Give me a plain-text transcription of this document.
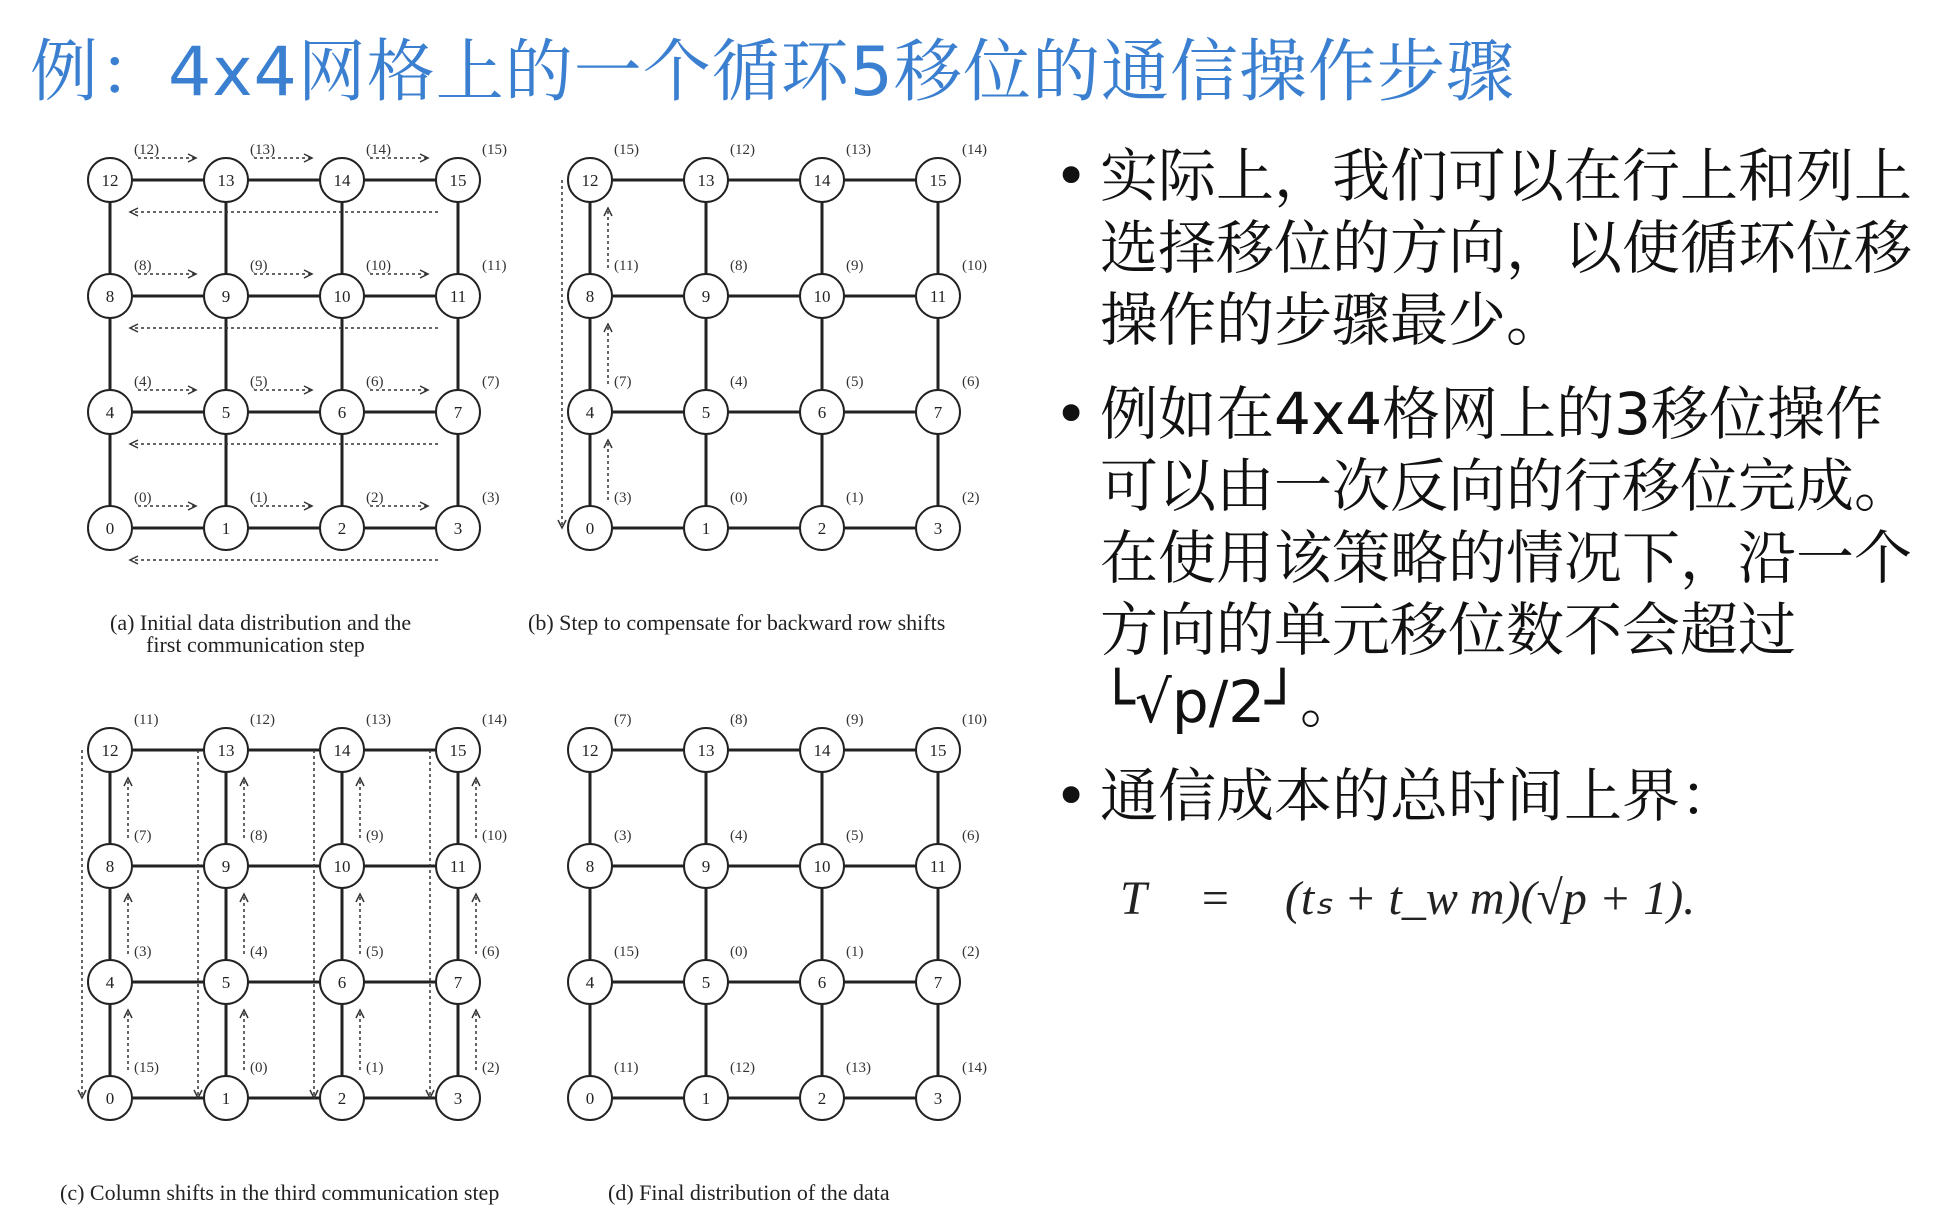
例：4x4网格上的一个循环5移位的通信操作步骤
0
(0)
1
(1)
2
(2)
3
(3)
4
(4)
5
(5)
6
(6)
7
(7)
8
(8)
9
(9)
10
(10)
11
(11)
12
(12)
13
(13)
14
(14)
15
(15)
(a) Initial data distribution and the
first communication step
0
(3)
1
(0)
2
(1)
3
(2)
4
(7)
5
(4)
6
(5)
7
(6)
8
(11)
9
(8)
10
(9)
11
(10)
12
(15)
13
(12)
14
(13)
15
(14)
(b) Step to compensate for backward row shifts
0
(15)
1
(0)
2
(1)
3
(2)
4
(3)
5
(4)
6
(5)
7
(6)
8
(7)
9
(8)
10
(9)
11
(10)
12
(11)
13
(12)
14
(13)
15
(14)
(c) Column shifts in the third communication step
0
(11)
1
(12)
2
(13)
3
(14)
4
(15)
5
(0)
6
(1)
7
(2)
8
(3)
9
(4)
10
(5)
11
(6)
12
(7)
13
(8)
14
(9)
15
(10)
(d) Final distribution of the data
• 实际上，我们可以在行上和列上选择移位的方向，以使循环位移操作的步骤最少。
• 例如在4x4格网上的3移位操作可以由一次反向的行移位完成。在使用该策略的情况下，沿一个方向的单元移位数不会超过└√p/2┘。
• 通信成本的总时间上界：
T = (tₛ + t_w m)(√p + 1).
